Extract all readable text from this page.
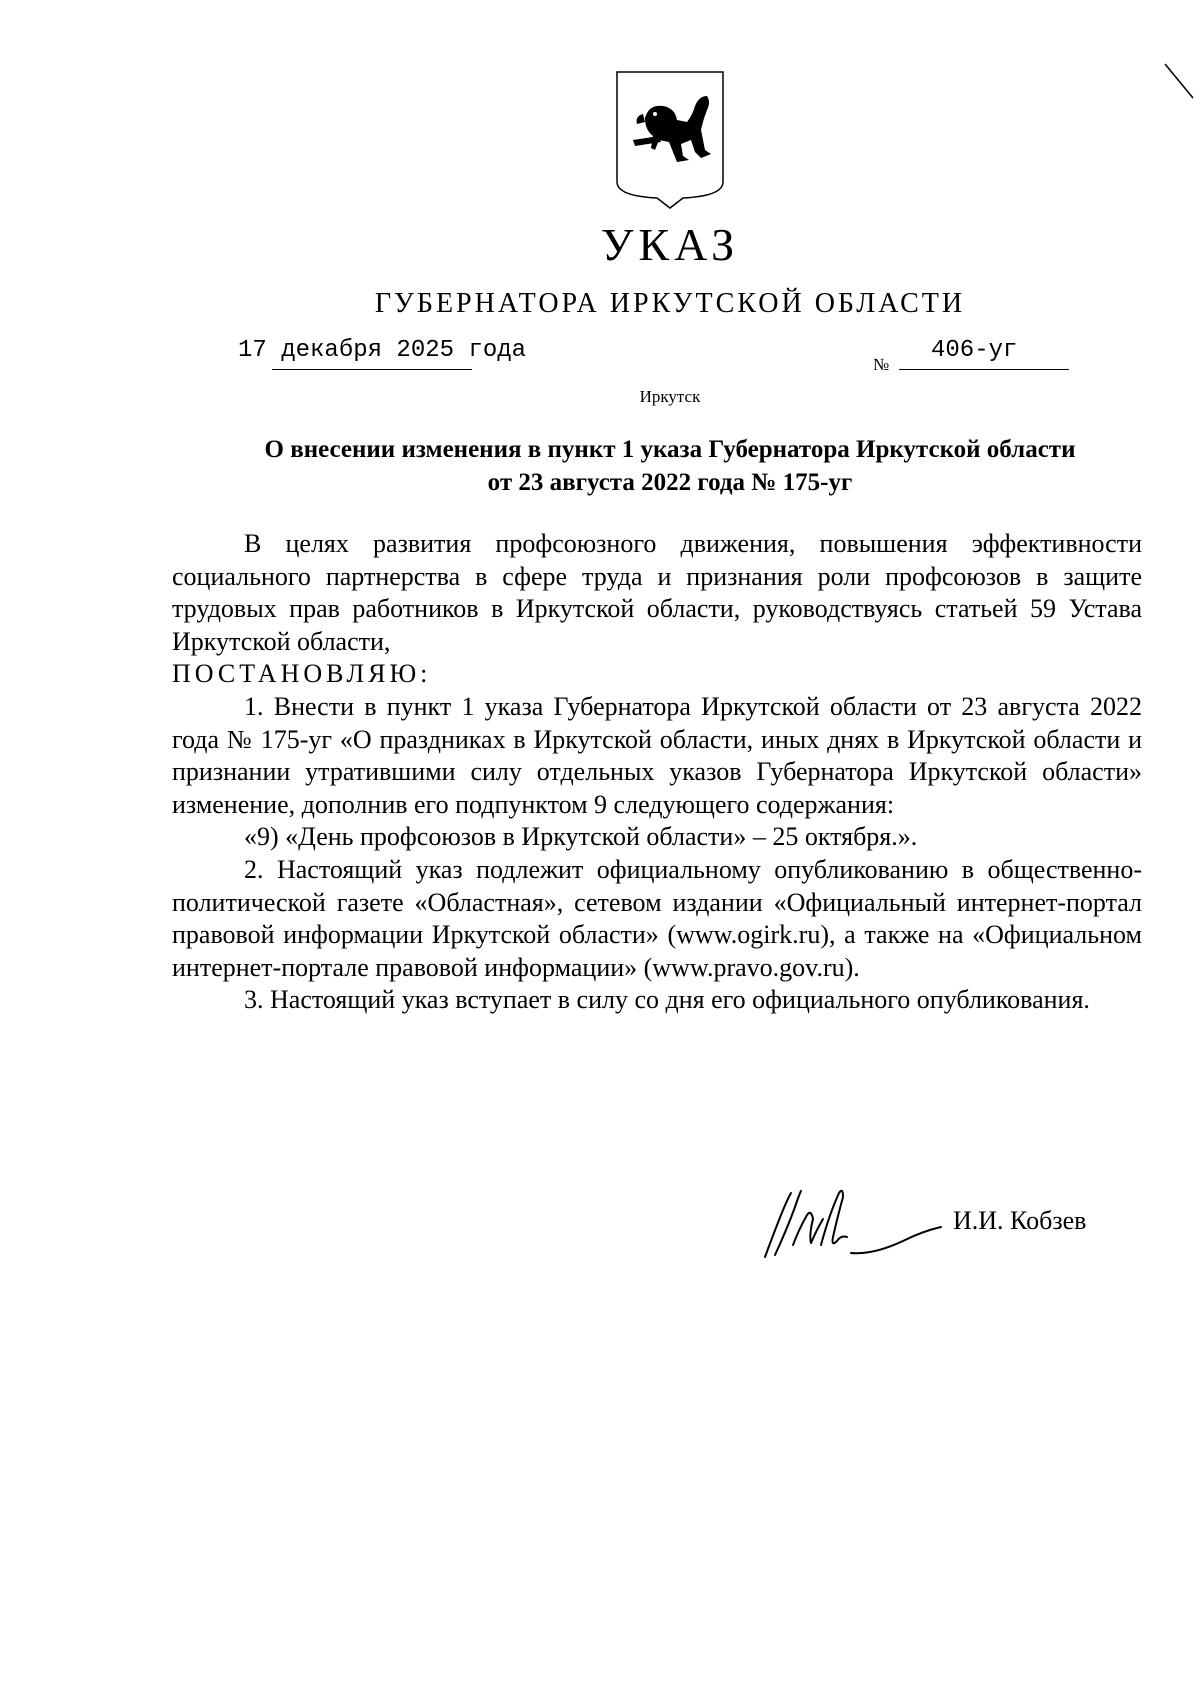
УКАЗ
ГУБЕРНАТОРА ИРКУТСКОЙ ОБЛАСТИ
17 декабря 2025 года
№
406-уг
Иркутск
О внесении изменения в пункт 1 указа Губернатора Иркутской области
от 23 августа 2022 года № 175-уг

В целях развития профсоюзного движения, повышения эффективности социального партнерства в сфере труда и признания роли профсоюзов в защите трудовых прав работников в Иркутской области, руководствуясь статьей 59 Устава Иркутской области,

ПОСТАНОВЛЯЮ:

1. Внести в пункт 1 указа Губернатора Иркутской области от 23 августа 2022 года № 175-уг «О праздниках в Иркутской области, иных днях в Иркутской области и признании утратившими силу отдельных указов Губернатора Иркутской области» изменение, дополнив его подпунктом 9 следующего содержания:

«9) «День профсоюзов в Иркутской области» – 25 октября.».

2. Настоящий указ подлежит официальному опубликованию в общественно-политической газете «Областная», сетевом издании «Официальный интернет-портал правовой информации Иркутской области» (www.ogirk.ru), а также на «Официальном интернет-портале правовой информации» (www.pravo.gov.ru).

3. Настоящий указ вступает в силу со дня его официального опубликования.

И.И. Кобзев
